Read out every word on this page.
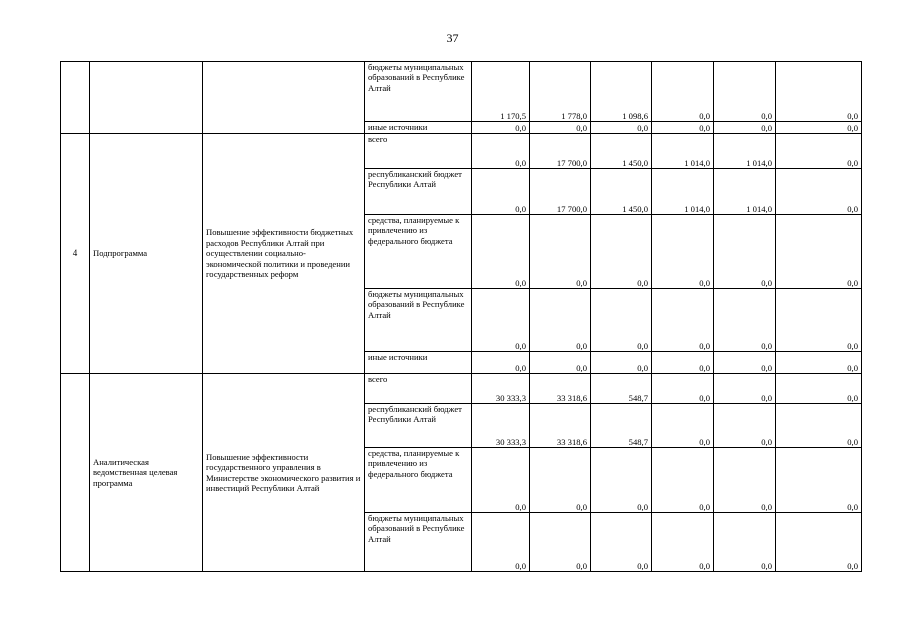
37
			бюджеты муниципальных образований в Республике Алтай	1 170,5	1 778,0	1 098,6	0,0	0,0	0,0
			иные источники	0,0	0,0	0,0	0,0	0,0	0,0
4	Подпрограмма	Повышение эффективности бюджетных расходов Республики Алтай при осуществлении социально-экономической политики и проведении государственных реформ	всего	0,0	17 700,0	1 450,0	1 014,0	1 014,0	0,0
			республиканский бюджет Республики Алтай	0,0	17 700,0	1 450,0	1 014,0	1 014,0	0,0
			средства, планируемые к привлечению из федерального бюджета	0,0	0,0	0,0	0,0	0,0	0,0
			бюджеты муниципальных образований в Республике Алтай	0,0	0,0	0,0	0,0	0,0	0,0
			иные источники	0,0	0,0	0,0	0,0	0,0	0,0
	Аналитическая ведомственная целевая программа	Повышение эффективности государственного управления в Министерстве экономического развития и инвестиций Республики Алтай	всего	30 333,3	33 318,6	548,7	0,0	0,0	0,0
			республиканский бюджет Республики Алтай	30 333,3	33 318,6	548,7	0,0	0,0	0,0
			средства, планируемые к привлечению из федерального бюджета	0,0	0,0	0,0	0,0	0,0	0,0
			бюджеты муниципальных образований в Республике Алтай	0,0	0,0	0,0	0,0	0,0	0,0
